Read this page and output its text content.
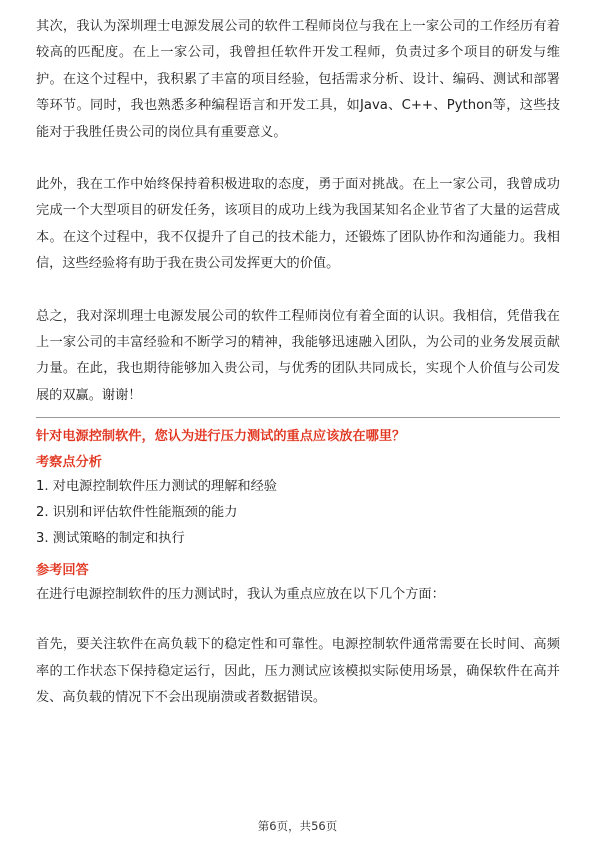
其次，我认为深圳理士电源发展公司的软件工程师岗位与我在上一家公司的工作经历有着较高的匹配度。在上一家公司，我曾担任软件开发工程师，负责过多个项目的研发与维护。在这个过程中，我积累了丰富的项目经验，包括需求分析、设计、编码、测试和部署等环节。同时，我也熟悉多种编程语言和开发工具，如Java、C++、Python等，这些技能对于我胜任贵公司的岗位具有重要意义。

此外，我在工作中始终保持着积极进取的态度，勇于面对挑战。在上一家公司，我曾成功完成一个大型项目的研发任务，该项目的成功上线为我国某知名企业节省了大量的运营成本。在这个过程中，我不仅提升了自己的技术能力，还锻炼了团队协作和沟通能力。我相信，这些经验将有助于我在贵公司发挥更大的价值。

总之，我对深圳理士电源发展公司的软件工程师岗位有着全面的认识。我相信，凭借我在上一家公司的丰富经验和不断学习的精神，我能够迅速融入团队，为公司的业务发展贡献力量。在此，我也期待能够加入贵公司，与优秀的团队共同成长，实现个人价值与公司发展的双赢。谢谢！

针对电源控制软件，您认为进行压力测试的重点应该放在哪里？

考察点分析

1. 对电源控制软件压力测试的理解和经验

2. 识别和评估软件性能瓶颈的能力

3. 测试策略的制定和执行

参考回答

在进行电源控制软件的压力测试时，我认为重点应放在以下几个方面：

首先，要关注软件在高负载下的稳定性和可靠性。电源控制软件通常需要在长时间、高频率的工作状态下保持稳定运行，因此，压力测试应该模拟实际使用场景，确保软件在高并发、高负载的情况下不会出现崩溃或者数据错误。

第6页，共56页
